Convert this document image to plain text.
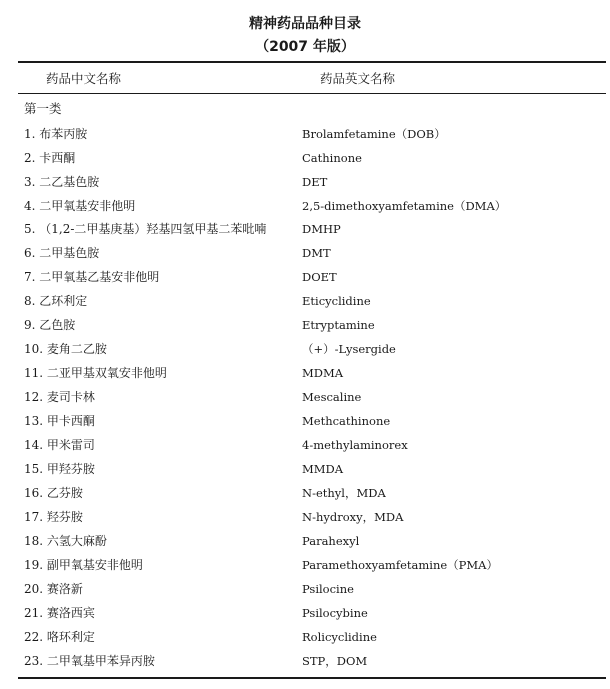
精神药品品种目录
（2007 年版）
药品中文名称	药品英文名称
第一类
1. 布苯丙胺	Brolamfetamine（DOB）
2. 卡西酮	Cathinone
3. 二乙基色胺	DET
4. 二甲氧基安非他明	2,5-dimethoxyamfetamine（DMA）
5. （1,2-二甲基庚基）羟基四氢甲基二苯吡喃	DMHP
6. 二甲基色胺	DMT
7. 二甲氧基乙基安非他明	DOET
8. 乙环利定	Eticyclidine
9. 乙色胺	Etryptamine
10. 麦角二乙胺	（+）-Lysergide
11. 二亚甲基双氧安非他明	MDMA
12. 麦司卡林	Mescaline
13. 甲卡西酮	Methcathinone
14. 甲米雷司	4-methylaminorex
15. 甲羟芬胺	MMDA
16. 乙芬胺	N-ethyl，MDA
17. 羟芬胺	N-hydroxy，MDA
18. 六氢大麻酚	Parahexyl
19. 副甲氧基安非他明	Paramethoxyamfetamine（PMA）
20. 赛洛新	Psilocine
21. 赛洛西宾	Psilocybine
22. 咯环利定	Rolicyclidine
23. 二甲氧基甲苯异丙胺	STP，DOM
